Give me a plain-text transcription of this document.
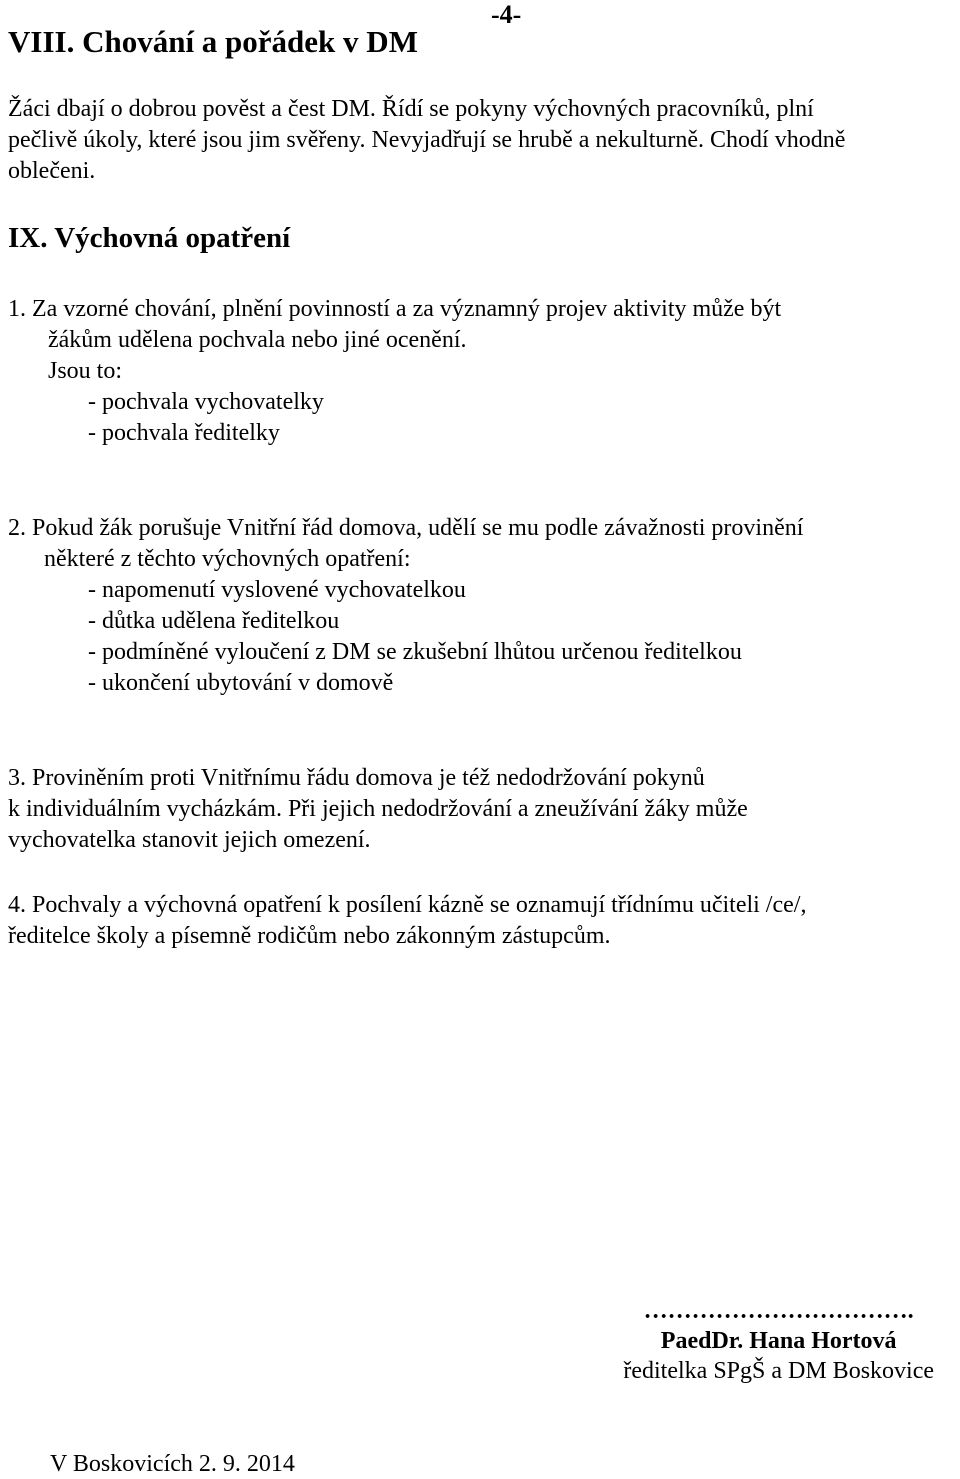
-4-
VIII. Chování a pořádek v DM
Žáci dbají o dobrou pověst a čest DM. Řídí se pokyny výchovných pracovníků, plní
pečlivě úkoly, které jsou jim svěřeny. Nevyjadřují se hrubě a nekulturně. Chodí vhodně
oblečeni.
IX. Výchovná opatření
1. Za vzorné chování, plnění povinností a za významný projev aktivity může být
žákům udělena pochvala nebo jiné ocenění.
Jsou to:
- pochvala vychovatelky
- pochvala ředitelky
2. Pokud žák porušuje Vnitřní řád domova, udělí se mu podle závažnosti provinění
některé z těchto výchovných opatření:
- napomenutí vyslovené vychovatelkou
- důtka udělena ředitelkou
- podmíněné vyloučení z DM se zkušební lhůtou určenou ředitelkou
- ukončení ubytování v domově
3. Proviněním proti Vnitřnímu řádu domova je též nedodržování pokynů
k individuálním vycházkám. Při jejich nedodržování a zneužívání žáky může
vychovatelka stanovit jejich omezení.
4. Pochvaly a výchovná opatření k posílení kázně se oznamují třídnímu učiteli /ce/,
ředitelce školy a písemně rodičům nebo zákonným zástupcům.
…………………………….
PaedDr. Hana Hortová
ředitelka SPgŠ a DM Boskovice
V Boskovicích 2. 9. 2014
